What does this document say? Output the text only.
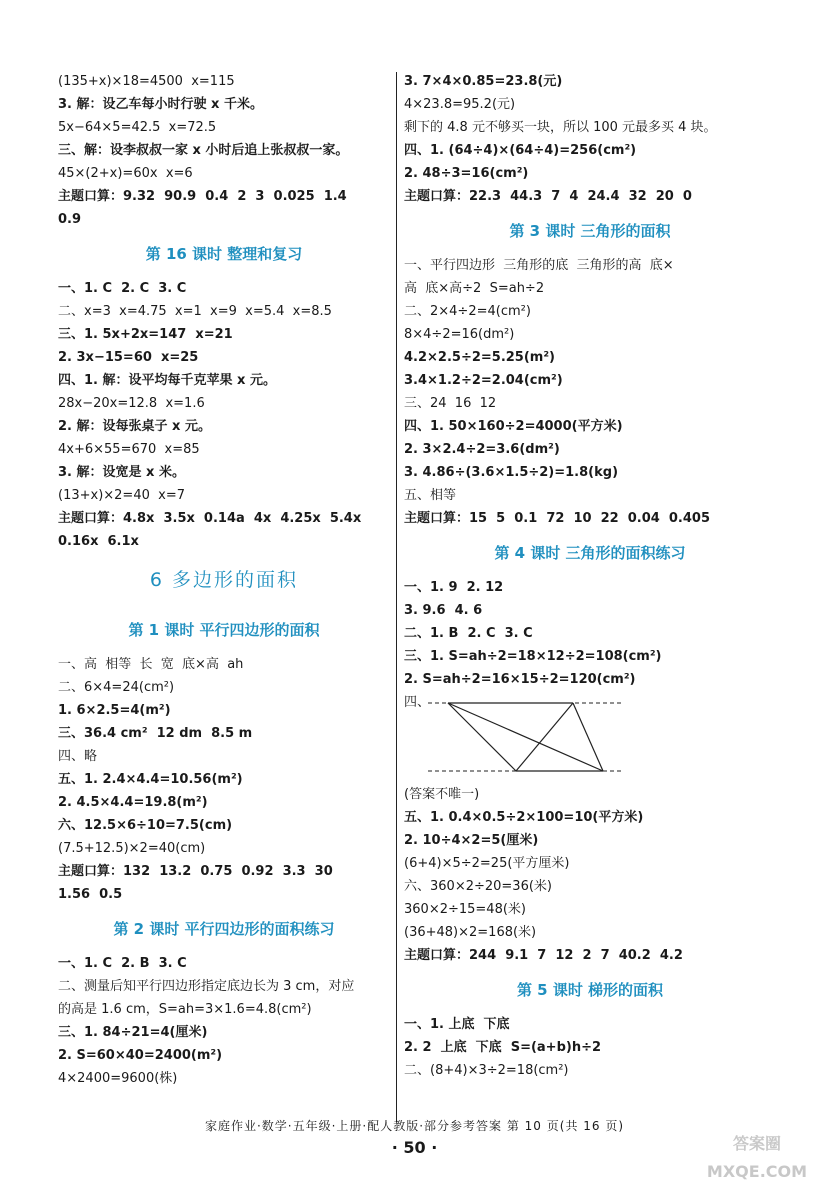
(135+x)×18=4500  x=115
3. 解：设乙车每小时行驶 x 千米。
5x−64×5=42.5  x=72.5
三、解：设李叔叔一家 x 小时后追上张叔叔一家。
45×(2+x)=60x  x=6
主题口算：9.32  90.9  0.4  2  3  0.025  1.4
0.9
第 16 课时 整理和复习
一、1. C  2. C  3. C
二、x=3  x=4.75  x=1  x=9  x=5.4  x=8.5
三、1. 5x+2x=147  x=21
2. 3x−15=60  x=25
四、1. 解：设平均每千克苹果 x 元。
28x−20x=12.8  x=1.6
2. 解：设每张桌子 x 元。
4x+6×55=670  x=85
3. 解：设宽是 x 米。
(13+x)×2=40  x=7
主题口算：4.8x  3.5x  0.14a  4x  4.25x  5.4x
0.16x  6.1x
6 多边形的面积
第 1 课时 平行四边形的面积
一、高  相等  长  宽  底×高  ah
二、6×4=24(cm²)
1. 6×2.5=4(m²)
三、36.4 cm²  12 dm  8.5 m
四、略
五、1. 2.4×4.4=10.56(m²)
2. 4.5×4.4=19.8(m²)
六、12.5×6÷10=7.5(cm)
(7.5+12.5)×2=40(cm)
主题口算：132  13.2  0.75  0.92  3.3  30
1.56  0.5
第 2 课时 平行四边形的面积练习
一、1. C  2. B  3. C
二、测量后知平行四边形指定底边长为 3 cm，对应
的高是 1.6 cm，S=ah=3×1.6=4.8(cm²)
三、1. 84÷21=4(厘米)
2. S=60×40=2400(m²)
4×2400=9600(株)
3. 7×4×0.85=23.8(元)
4×23.8=95.2(元)
剩下的 4.8 元不够买一块，所以 100 元最多买 4 块。
四、1. (64÷4)×(64÷4)=256(cm²)
2. 48÷3=16(cm²)
主题口算：22.3  44.3  7  4  24.4  32  20  0
第 3 课时 三角形的面积
一、平行四边形  三角形的底  三角形的高  底×
高  底×高÷2  S=ah÷2
二、2×4÷2=4(cm²)
8×4÷2=16(dm²)
4.2×2.5÷2=5.25(m²)
3.4×1.2÷2=2.04(cm²)
三、24  16  12
四、1. 50×160÷2=4000(平方米)
2. 3×2.4÷2=3.6(dm²)
3. 4.86÷(3.6×1.5÷2)=1.8(kg)
五、相等
主题口算：15  5  0.1  72  10  22  0.04  0.405
第 4 课时 三角形的面积练习
一、1. 9  2. 12
3. 9.6  4. 6
二、1. B  2. C  3. C
三、1. S=ah÷2=18×12÷2=108(cm²)
2. S=ah÷2=16×15÷2=120(cm²)
四、
(答案不唯一)
五、1. 0.4×0.5÷2×100=10(平方米)
2. 10÷4×2=5(厘米)
(6+4)×5÷2=25(平方厘米)
六、360×2÷20=36(米)
360×2÷15=48(米)
(36+48)×2=168(米)
主题口算：244  9.1  7  12  2  7  40.2  4.2
第 5 课时 梯形的面积
一、1. 上底  下底
2. 2  上底  下底  S=(a+b)h÷2
二、(8+4)×3÷2=18(cm²)
家庭作业·数学·五年级·上册·配人教版·部分参考答案 第 10 页(共 16 页)
· 50 ·	答案圈
MXQE.COM
